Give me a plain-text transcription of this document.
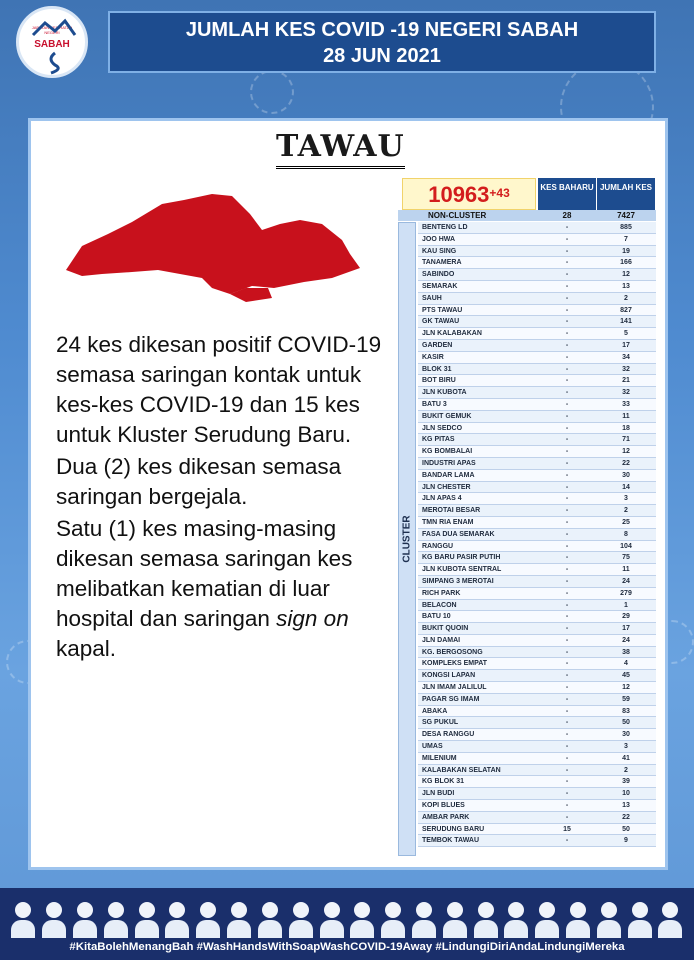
JABATAN KESIHATAN NEGERI
SABAH
JUMLAH KES COVID -19 NEGERI SABAH
28 JUN 2021
TAWAU

24 kes dikesan positif COVID-19 semasa saringan kontak untuk kes-kes COVID-19 dan 15 kes untuk Kluster Serudung Baru.

Dua (2) kes dikesan semasa saringan bergejala.

Satu (1) kes masing-masing dikesan semasa saringan kes melibatkan kematian di luar hospital dan saringan sign on kapal.

$10963^{+43}$	KES BAHARU JUMLAH KES
NON-CLUSTER	28	7427
CLUSTER
BENTENG LD	-	885
JOO HWA	-	7
KAU SING	-	19
TANAMERA	-	166
SABINDO	-	12
SEMARAK	-	13
SAUH	-	2
PTS TAWAU	-	827
GK TAWAU	-	141
JLN KALABAKAN	-	5
GARDEN	-	17
KASIR	-	34
BLOK 31	-	32
BOT BIRU	-	21
JLN KUBOTA	-	32
BATU 3	-	33
BUKIT GEMUK	-	11
JLN SEDCO	-	18
KG PITAS	-	71
KG BOMBALAI	-	12
INDUSTRI APAS	-	22
BANDAR LAMA	-	30
JLN CHESTER	-	14
JLN APAS 4	-	3
MEROTAI BESAR	-	2
TMN RIA ENAM	-	25
FASA DUA SEMARAK	-	8
RANGGU	-	104
KG BARU PASIR PUTIH	-	75
JLN KUBOTA SENTRAL	-	11
SIMPANG 3 MEROTAI	-	24
RICH PARK	-	279
BELACON	-	1
BATU 10	-	29
BUKIT QUOIN	-	17
JLN DAMAI	-	24
KG. BERGOSONG	-	38
KOMPLEKS EMPAT	-	4
KONGSI LAPAN	-	45
JLN IMAM JALILUL	-	12
PAGAR SG IMAM	-	59
ABAKA	-	83
SG PUKUL	-	50
DESA RANGGU	-	30
UMAS	-	3
MILENIUM	-	41
KALABAKAN SELATAN	-	2
KG BLOK 31	-	39
JLN BUDI	-	10
KOPI BLUES	-	13
AMBAR PARK	-	22
SERUDUNG BARU	15	50
TEMBOK TAWAU	-	9
#KitaBolehMenangBah #WashHandsWithSoapWashCOVID-19Away #LindungiDiriAndaLindungiMereka
